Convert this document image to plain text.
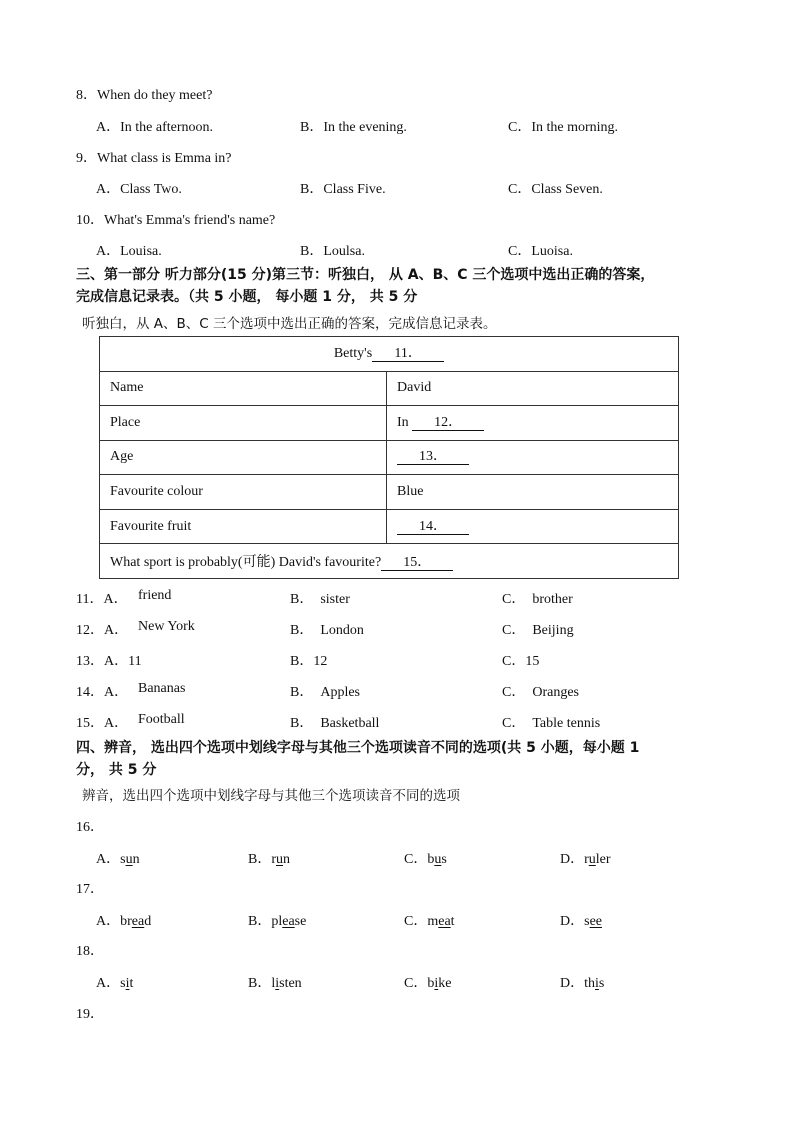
8．When do they meet?
A．In the afternoon.	B．In the evening.	C．In the morning.
9．What class is Emma in?
A．Class Two.	B．Class Five.	C．Class Seven.
10．What's Emma's friend's name?
A．Louisa.	B．Loulsa.	C．Luoisa.
三、第一部分 听力部分(15 分)第三节：听独白， 从 A、B、C 三个选项中选出正确的答案，
完成信息记录表。（共 5 小题， 每小题 1 分， 共 5 分
听独白，从 A、B、C 三个选项中选出正确的答案，完成信息记录表。
Betty's 11．	
Name	David
Place	In 12．
Age	13．
Favourite colour	Blue
Favourite fruit	14．
What sport is probably(可能) David's favourite? 15．	
11．A． friend	B． sister	C． brother
12．A． New York	B． London	C． Beijing
13．A．11	B．12	C．15
14．A． Bananas	B． Apples	C． Oranges
15．A． Football	B． Basketball	C． Table tennis
四、辨音， 选出四个选项中划线字母与其他三个选项读音不同的选项(共 5 小题，每小题 1
分， 共 5 分
辨音，选出四个选项中划线字母与其他三个选项读音不同的选项
16．
A．sun	B．run	C．bus	D．ruler
17．
A．bread	B．please	C．meat	D．see
18．
A．sit	B．listen	C．bike	D．this
19．
